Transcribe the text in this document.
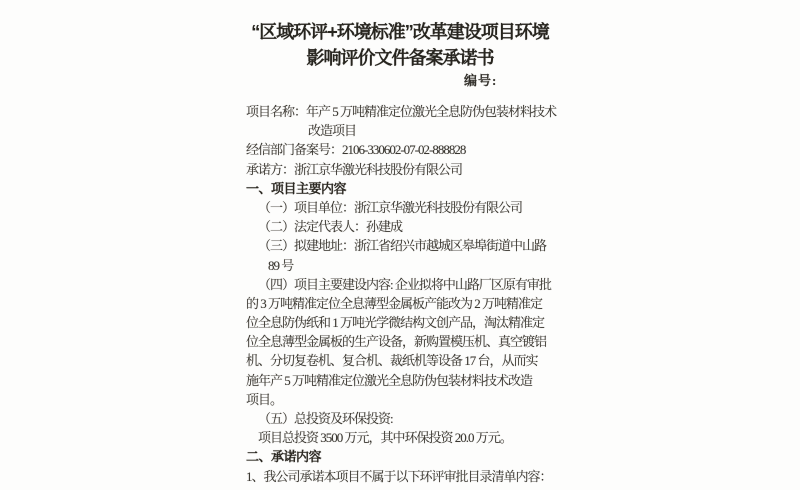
“区域环评+环境标准”改革建设项目环境
影响评价文件备案承诺书
编号:
项目名称：年产 5 万吨精准定位激光全息防伪包装材料技术
改造项目
经信部门备案号：2106-330602-07-02-888828
承诺方：浙江京华激光科技股份有限公司
一、项目主要内容
（一）项目单位：浙江京华激光科技股份有限公司
（二）法定代表人：孙建成
（三）拟建地址：浙江省绍兴市越城区皋埠街道中山路
89 号
（四）项目主要建设内容: 企业拟将中山路厂区原有审批
的 3 万吨精准定位全息薄型金属板产能改为 2 万吨精准定
位全息防伪纸和 1 万吨光学微结构文创产品，淘汰精准定
位全息薄型金属板的生产设备，新购置模压机、真空镀铝
机、分切复卷机、复合机、裁纸机等设备 17 台，从而实
施年产 5 万吨精准定位激光全息防伪包装材料技术改造
项目。
（五）总投资及环保投资:
项目总投资 3500 万元，其中环保投资 20.0 万元。
二、承诺内容
1、我公司承诺本项目不属于以下环评审批目录清单内容：
